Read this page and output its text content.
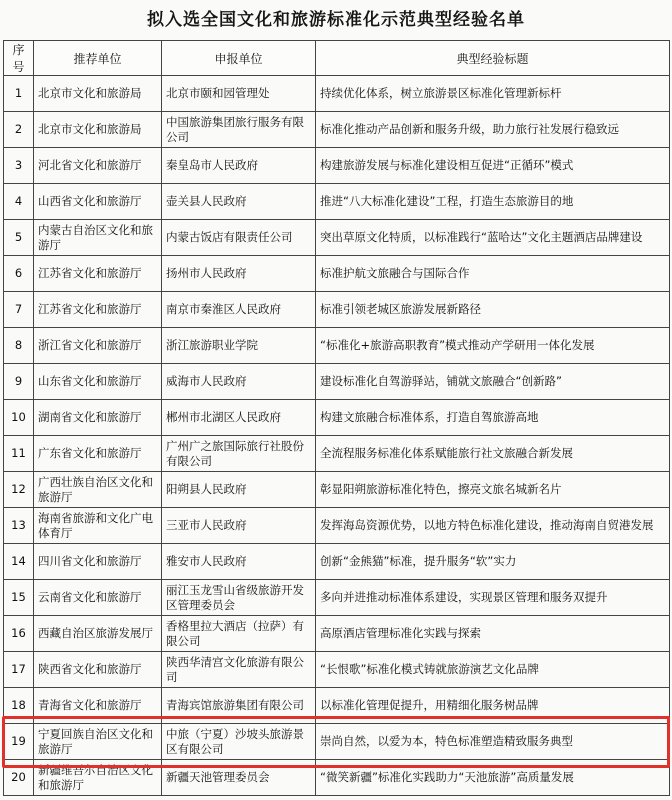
拟入选全国文化和旅游标准化示范典型经验名单
序号	推荐单位	申报单位	典型经验标题
1	北京市文化和旅游局	北京市颐和园管理处	持续优化体系，树立旅游景区标准化管理新标杆
2	北京市文化和旅游局	中国旅游集团旅行服务有限公司	标准化推动产品创新和服务升级，助力旅行社发展行稳致远
3	河北省文化和旅游厅	秦皇岛市人民政府	构建旅游发展与标准化建设相互促进“正循环”模式
4	山西省文化和旅游厅	壶关县人民政府	推进“八大标准化建设”工程，打造生态旅游目的地
5	内蒙古自治区文化和旅游厅	内蒙古饭店有限责任公司	突出草原文化特质，以标准践行“蓝哈达”文化主题酒店品牌建设
6	江苏省文化和旅游厅	扬州市人民政府	标准护航文旅融合与国际合作
7	江苏省文化和旅游厅	南京市秦淮区人民政府	标准引领老城区旅游发展新路径
8	浙江省文化和旅游厅	浙江旅游职业学院	“标准化+旅游高职教育”模式推动产学研用一体化发展
9	山东省文化和旅游厅	威海市人民政府	建设标准化自驾游驿站，铺就文旅融合“创新路”
10	湖南省文化和旅游厅	郴州市北湖区人民政府	构建文旅融合标准体系，打造自驾旅游高地
11	广东省文化和旅游厅	广州广之旅国际旅行社股份有限公司	全流程服务标准化体系赋能旅行社文旅融合新发展
12	广西壮族自治区文化和旅游厅	阳朔县人民政府	彰显阳朔旅游标准化特色，擦亮文旅名城新名片
13	海南省旅游和文化广电体育厅	三亚市人民政府	发挥海岛资源优势，以地方特色标准化建设，推动海南自贸港发展
14	四川省文化和旅游厅	雅安市人民政府	创新“金熊猫”标准，提升服务“软”实力
15	云南省文化和旅游厅	丽江玉龙雪山省级旅游开发区管理委员会	多向并进推动标准体系建设，实现景区管理和服务双提升
16	西藏自治区旅游发展厅	香格里拉大酒店（拉萨）有限公司	高原酒店管理标准化实践与探索
17	陕西省文化和旅游厅	陕西华清宫文化旅游有限公司	“长恨歌”标准化模式铸就旅游演艺文化品牌
18	青海省文化和旅游厅	青海宾馆旅游集团有限公司	以标准化管理促提升，用精细化服务树品牌
19	宁夏回族自治区文化和旅游厅	中旅（宁夏）沙坡头旅游景区有限公司	崇尚自然，以爱为本，特色标准塑造精致服务典型
20	新疆维吾尔自治区文化和旅游厅	新疆天池管理委员会	“微笑新疆”标准化实践助力“天池旅游”高质量发展
